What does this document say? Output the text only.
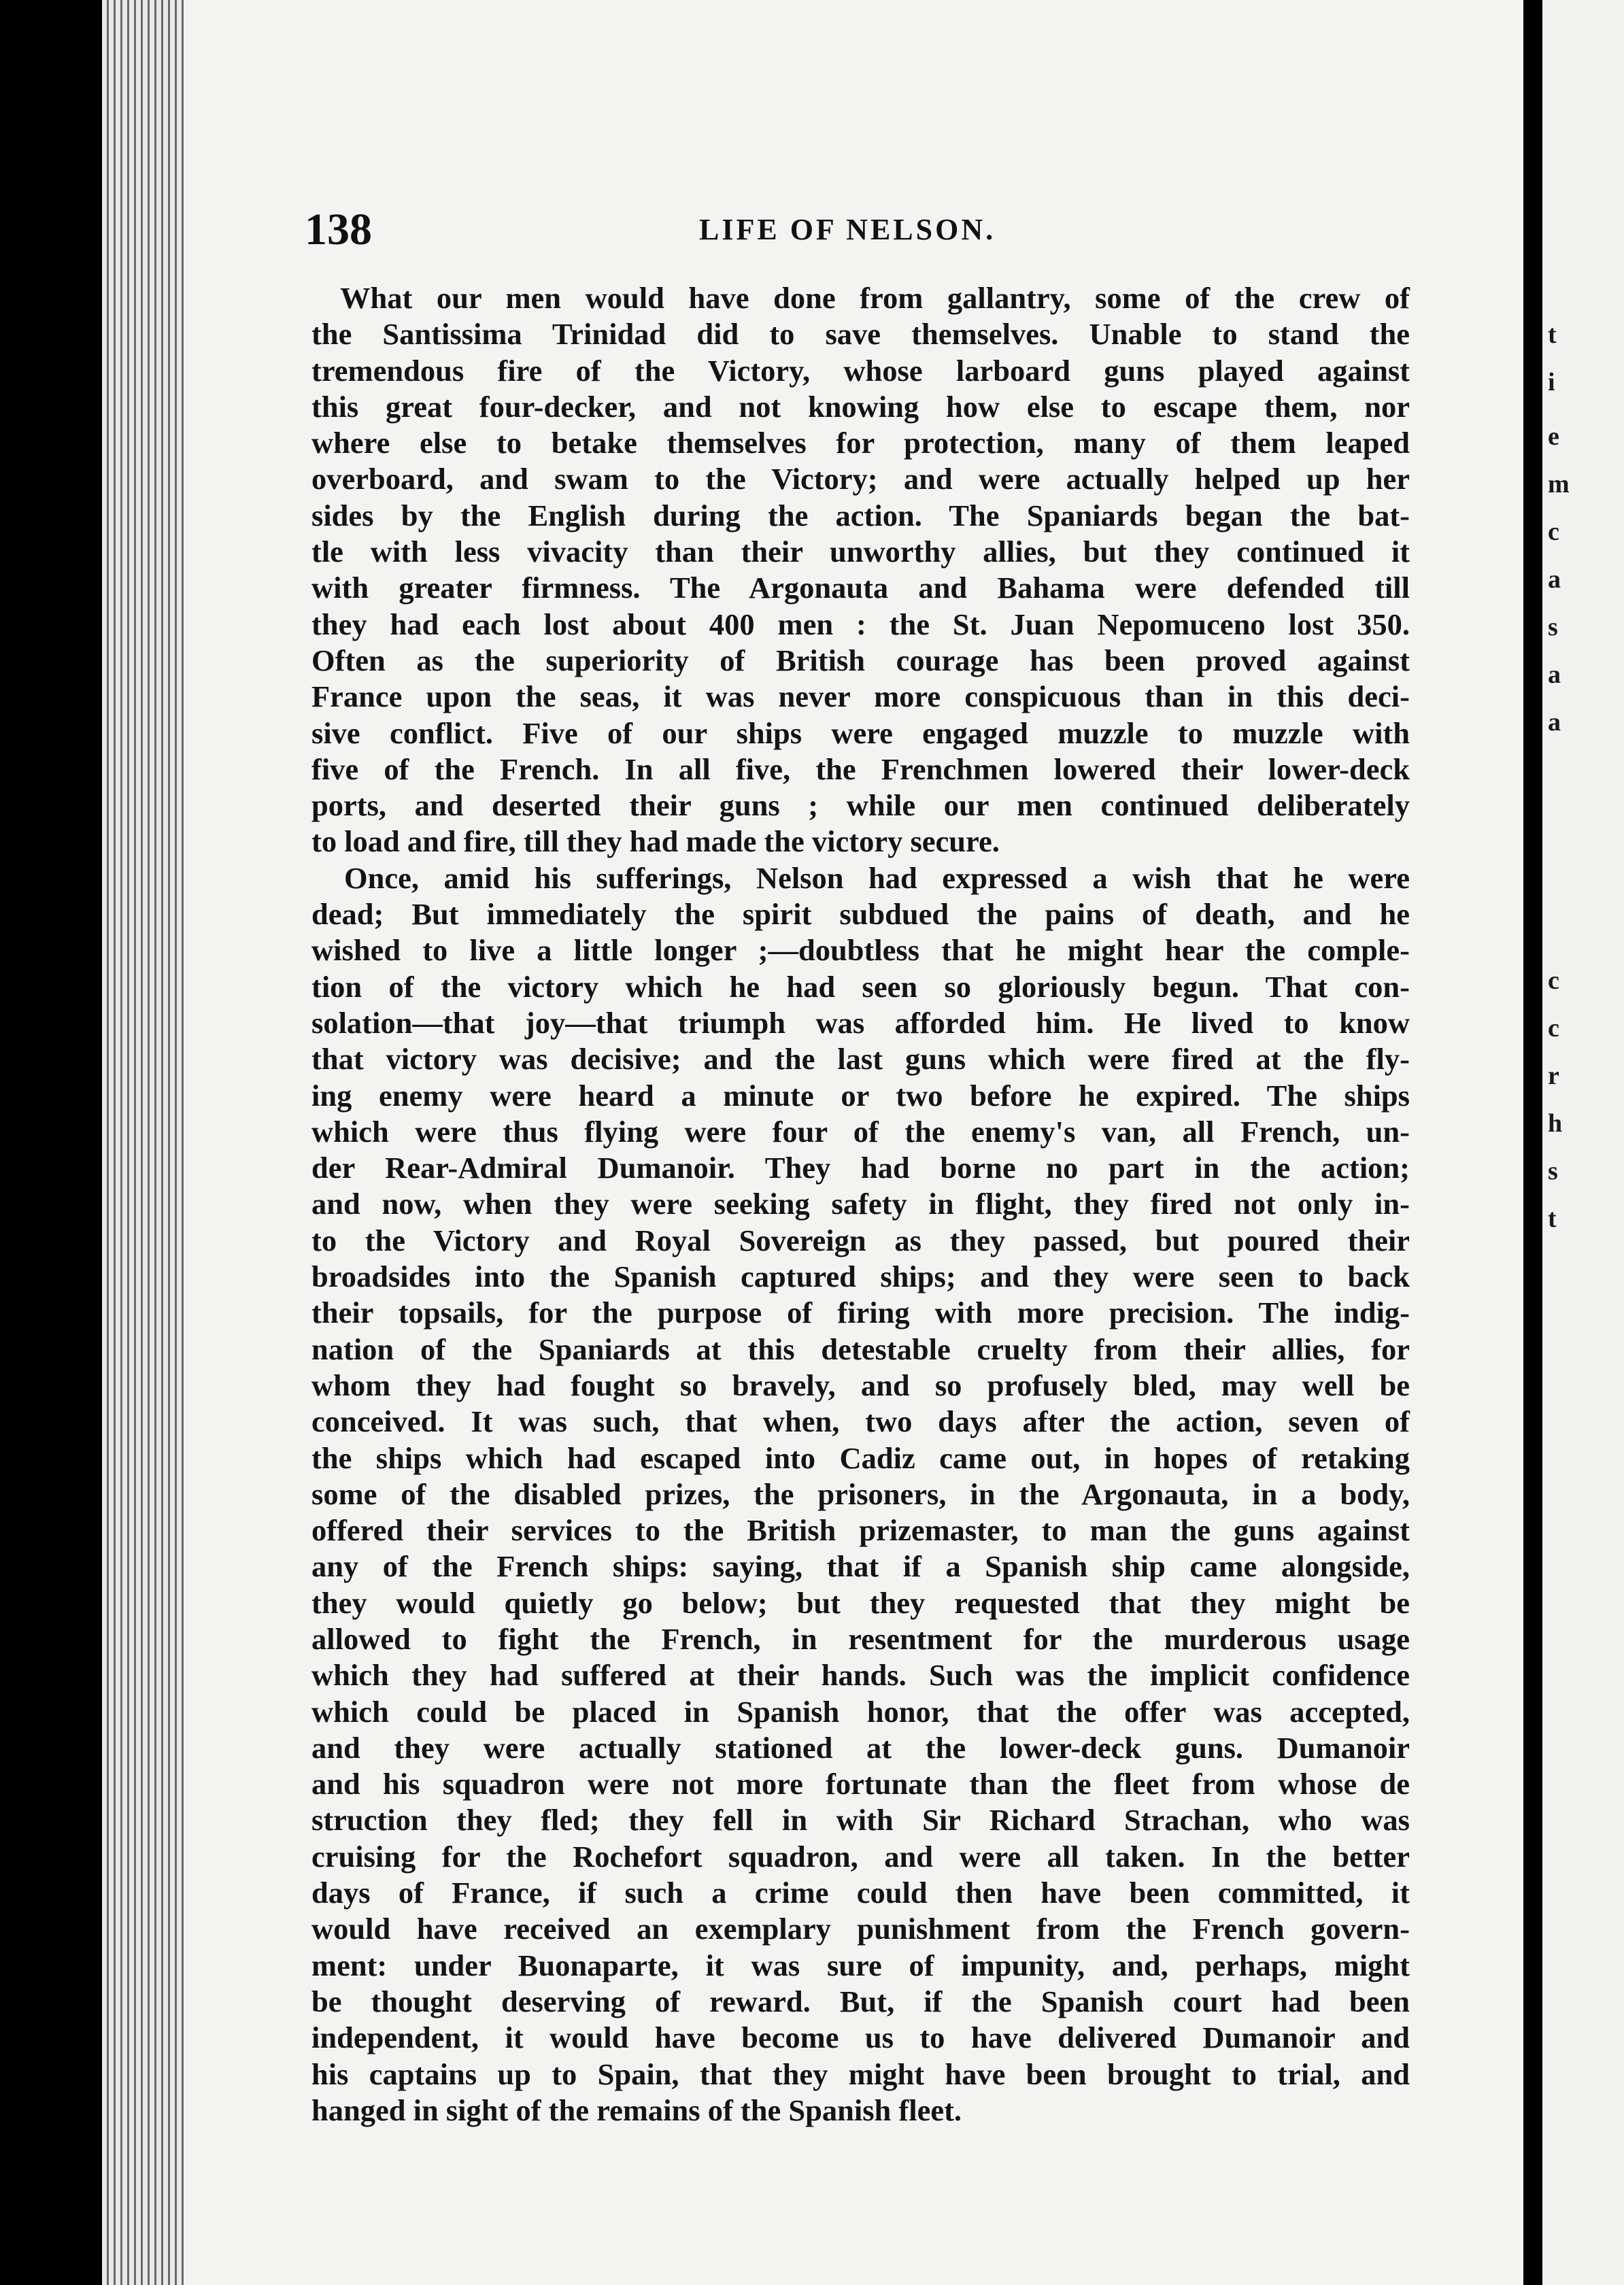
138	LIFE OF NELSON.

What our men would have done from gallantry, some of the crew of
the Santissima Trinidad did to save themselves. Unable to stand the
tremendous fire of the Victory, whose larboard guns played against
this great four-decker, and not knowing how else to escape them, nor
where else to betake themselves for protection, many of them leaped
overboard, and swam to the Victory; and were actually helped up her
sides by the English during the action. The Spaniards began the bat-
tle with less vivacity than their unworthy allies, but they continued it
with greater firmness. The Argonauta and Bahama were defended till
they had each lost about 400 men : the St. Juan Nepomuceno lost 350.
Often as the superiority of British courage has been proved against
France upon the seas, it was never more conspicuous than in this deci-
sive conflict. Five of our ships were engaged muzzle to muzzle with
five of the French. In all five, the Frenchmen lowered their lower-deck
ports, and deserted their guns ; while our men continued deliberately
to load and fire, till they had made the victory secure.

Once, amid his sufferings, Nelson had expressed a wish that he were
dead; But immediately the spirit subdued the pains of death, and he
wished to live a little longer ;—doubtless that he might hear the comple-
tion of the victory which he had seen so gloriously begun. That con-
solation—that joy—that triumph was afforded him. He lived to know
that victory was decisive; and the last guns which were fired at the fly-
ing enemy were heard a minute or two before he expired. The ships
which were thus flying were four of the enemy's van, all French, un-
der Rear-Admiral Dumanoir. They had borne no part in the action;
and now, when they were seeking safety in flight, they fired not only in-
to the Victory and Royal Sovereign as they passed, but poured their
broadsides into the Spanish captured ships; and they were seen to back
their topsails, for the purpose of firing with more precision. The indig-
nation of the Spaniards at this detestable cruelty from their allies, for
whom they had fought so bravely, and so profusely bled, may well be
conceived. It was such, that when, two days after the action, seven of
the ships which had escaped into Cadiz came out, in hopes of retaking
some of the disabled prizes, the prisoners, in the Argonauta, in a body,
offered their services to the British prizemaster, to man the guns against
any of the French ships: saying, that if a Spanish ship came alongside,
they would quietly go below; but they requested that they might be
allowed to fight the French, in resentment for the murderous usage
which they had suffered at their hands. Such was the implicit confidence
which could be placed in Spanish honor, that the offer was accepted,
and they were actually stationed at the lower-deck guns. Dumanoir
and his squadron were not more fortunate than the fleet from whose de
struction they fled; they fell in with Sir Richard Strachan, who was
cruising for the Rochefort squadron, and were all taken. In the better
days of France, if such a crime could then have been committed, it
would have received an exemplary punishment from the French govern-
ment: under Buonaparte, it was sure of impunity, and, perhaps, might
be thought deserving of reward. But, if the Spanish court had been
independent, it would have become us to have delivered Dumanoir and
his captains up to Spain, that they might have been brought to trial, and
hanged in sight of the remains of the Spanish fleet.

t
i
e
m
c
a
s
a
a
c
c
r
h
s
t
